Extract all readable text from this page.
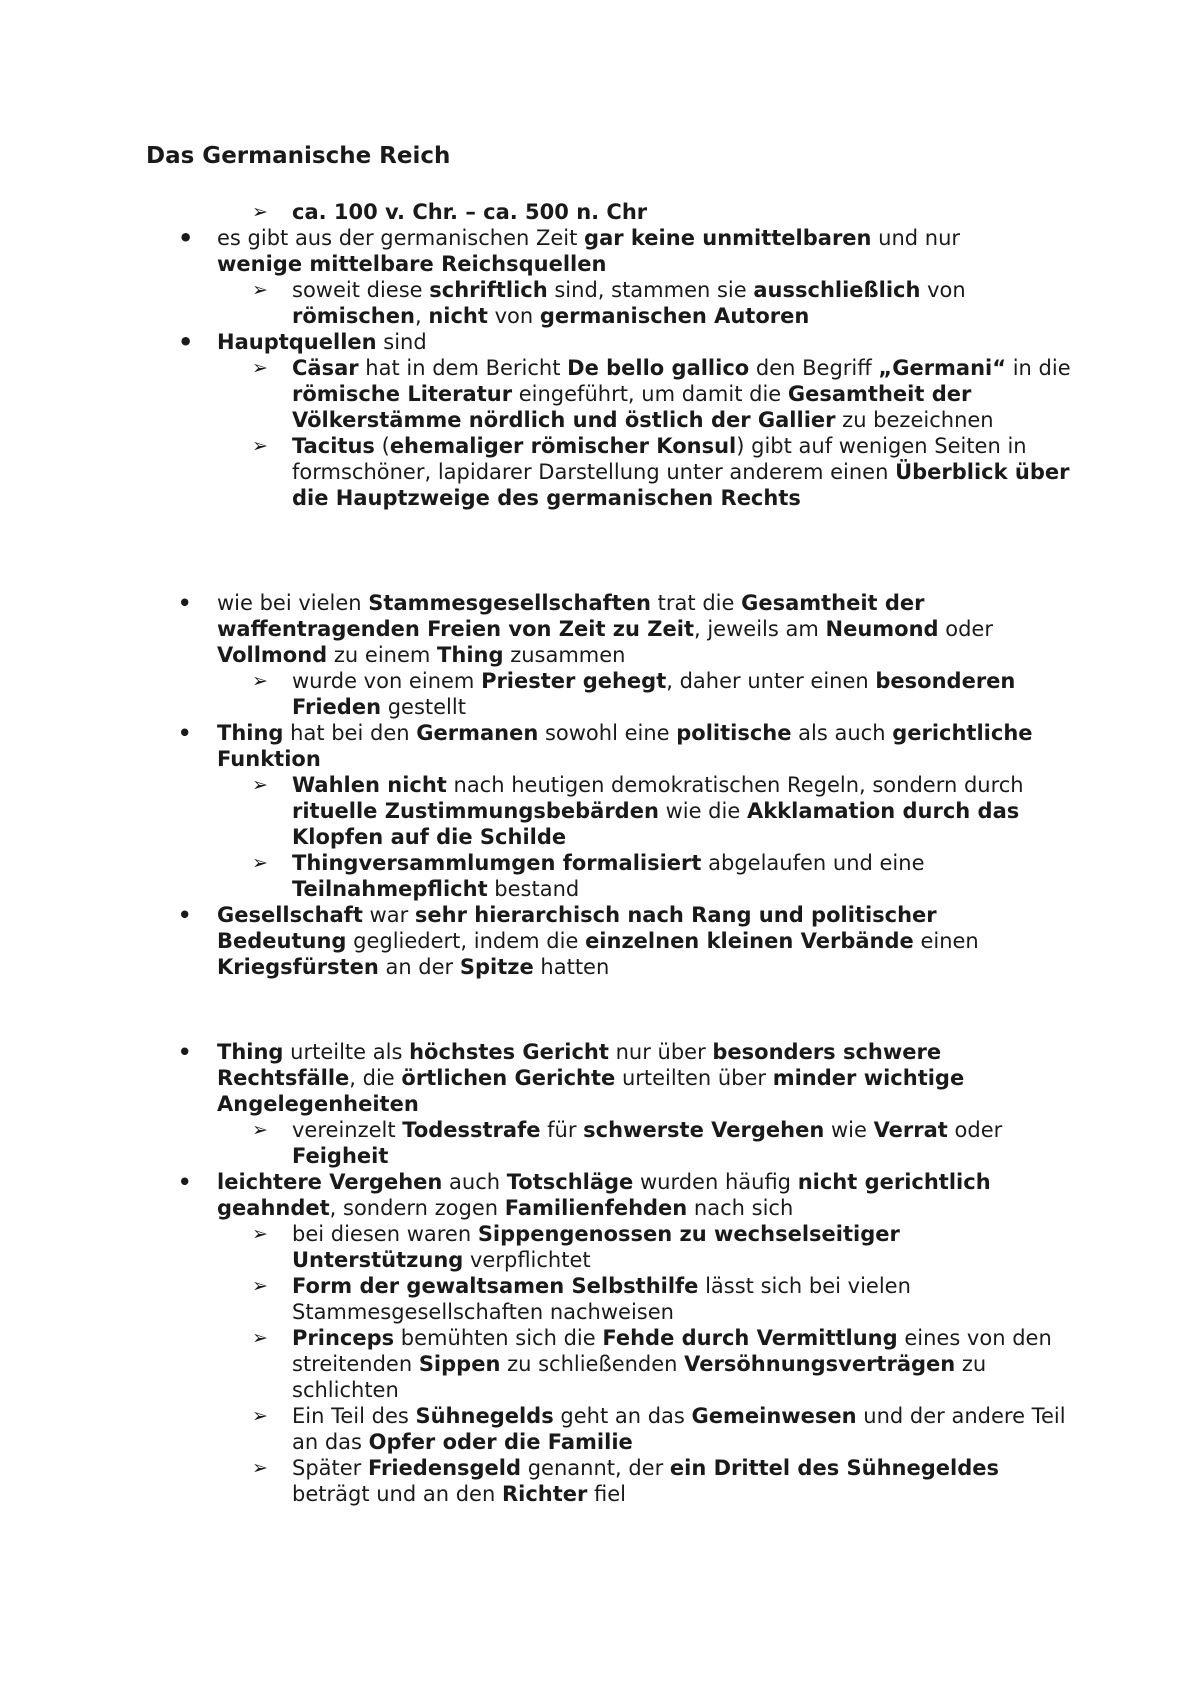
Das Germanische Reich

➢ ca. 100 v. Chr. – ca. 500 n. Chr

• es gibt aus der germanischen Zeit gar keine unmittelbaren und nur wenige mittelbare Reichsquellen

➢ soweit diese schriftlich sind, stammen sie ausschließlich von römischen, nicht von germanischen Autoren

• Hauptquellen sind

➢ Cäsar hat in dem Bericht De bello gallico den Begriff „Germani“ in die römische Literatur eingeführt, um damit die Gesamtheit der Völkerstämme nördlich und östlich der Gallier zu bezeichnen

➢ Tacitus (ehemaliger römischer Konsul) gibt auf wenigen Seiten in formschöner, lapidarer Darstellung unter anderem einen Überblick über die Hauptzweige des germanischen Rechts

• wie bei vielen Stammesgesellschaften trat die Gesamtheit der waffentragenden Freien von Zeit zu Zeit, jeweils am Neumond oder Vollmond zu einem Thing zusammen

➢ wurde von einem Priester gehegt, daher unter einen besonderen Frieden gestellt

• Thing hat bei den Germanen sowohl eine politische als auch gerichtliche Funktion

➢ Wahlen nicht nach heutigen demokratischen Regeln, sondern durch rituelle Zustimmungsbebärden wie die Akklamation durch das Klopfen auf die Schilde

➢ Thingversammlumgen formalisiert abgelaufen und eine Teilnahmepflicht bestand

• Gesellschaft war sehr hierarchisch nach Rang und politischer Bedeutung gegliedert, indem die einzelnen kleinen Verbände einen Kriegsfürsten an der Spitze hatten

• Thing urteilte als höchstes Gericht nur über besonders schwere Rechtsfälle, die örtlichen Gerichte urteilten über minder wichtige Angelegenheiten

➢ vereinzelt Todesstrafe für schwerste Vergehen wie Verrat oder Feigheit

• leichtere Vergehen auch Totschläge wurden häufig nicht gerichtlich geahndet, sondern zogen Familienfehden nach sich

➢ bei diesen waren Sippengenossen zu wechselseitiger Unterstützung verpflichtet

➢ Form der gewaltsamen Selbsthilfe lässt sich bei vielen Stammesgesellschaften nachweisen

➢ Princeps bemühten sich die Fehde durch Vermittlung eines von den streitenden Sippen zu schließenden Versöhnungsverträgen zu schlichten

➢ Ein Teil des Sühnegelds geht an das Gemeinwesen und der andere Teil an das Opfer oder die Familie

➢ Später Friedensgeld genannt, der ein Drittel des Sühnegeldes beträgt und an den Richter fiel
